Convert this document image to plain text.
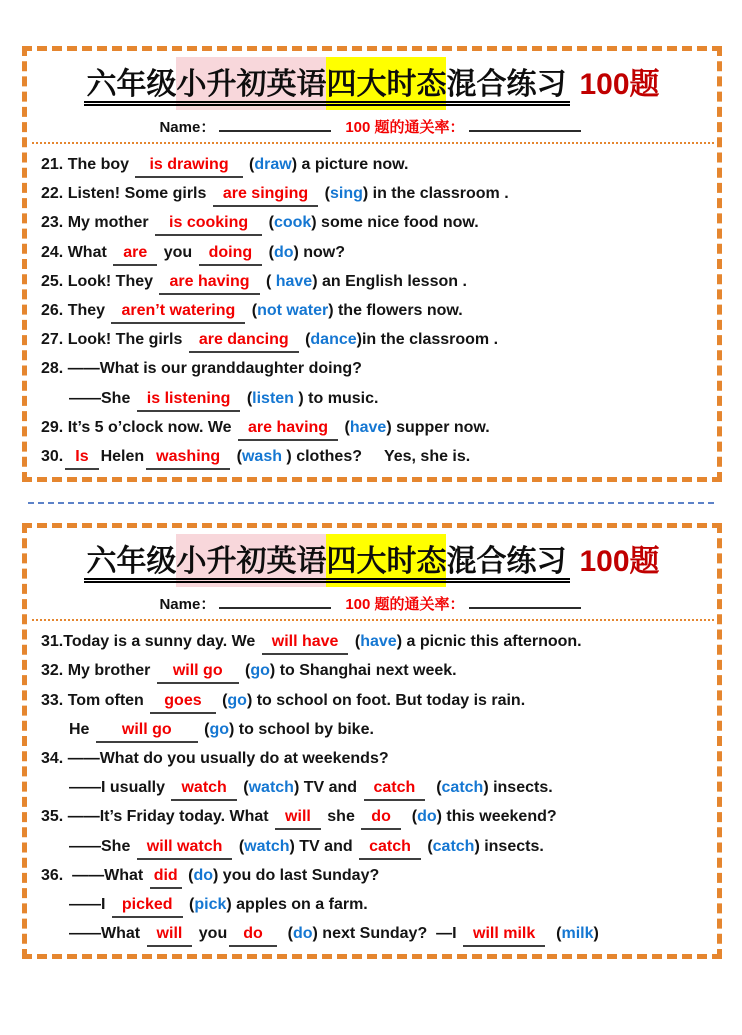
六年级小升初英语四大时态混合练习 100题
Name：	100 题的通关率：
21. The boy is drawing (draw) a picture now.
22. Listen! Some girls are singing (sing) in the classroom .
23. My mother is cooking (cook) some nice food now.
24. What are you doing (do) now?
25. Look! They are having ( have) an English lesson .
26. They aren’t watering (not water) the flowers now.
27. Look! The girls are dancing (dance)in the classroom .
28. ——What is our granddaughter doing?
——She is listening (listen ) to music.
29. It’s 5 o’clock now. We are having (have) supper now.
30. Is Helen washing (wash ) clothes?     Yes, she is.
六年级小升初英语四大时态混合练习 100题
Name：	100 题的通关率：
31.Today is a sunny day. We will have (have) a picnic this afternoon.
32. My brother will go (go) to Shanghai next week.
33. Tom often goes (go) to school on foot. But today is rain.
He will go (go) to school by bike.
34. ——What do you usually do at weekends?
——I usually watch (watch) TV and catch (catch) insects.
35. ——It’s Friday today. What will she do (do) this weekend?
——She will watch (watch) TV and catch (catch) insects.
36.  ——What did (do) you do last Sunday?
——I picked (pick) apples on a farm.
——What will you do (do) next Sunday?  —I will milk (milk)
